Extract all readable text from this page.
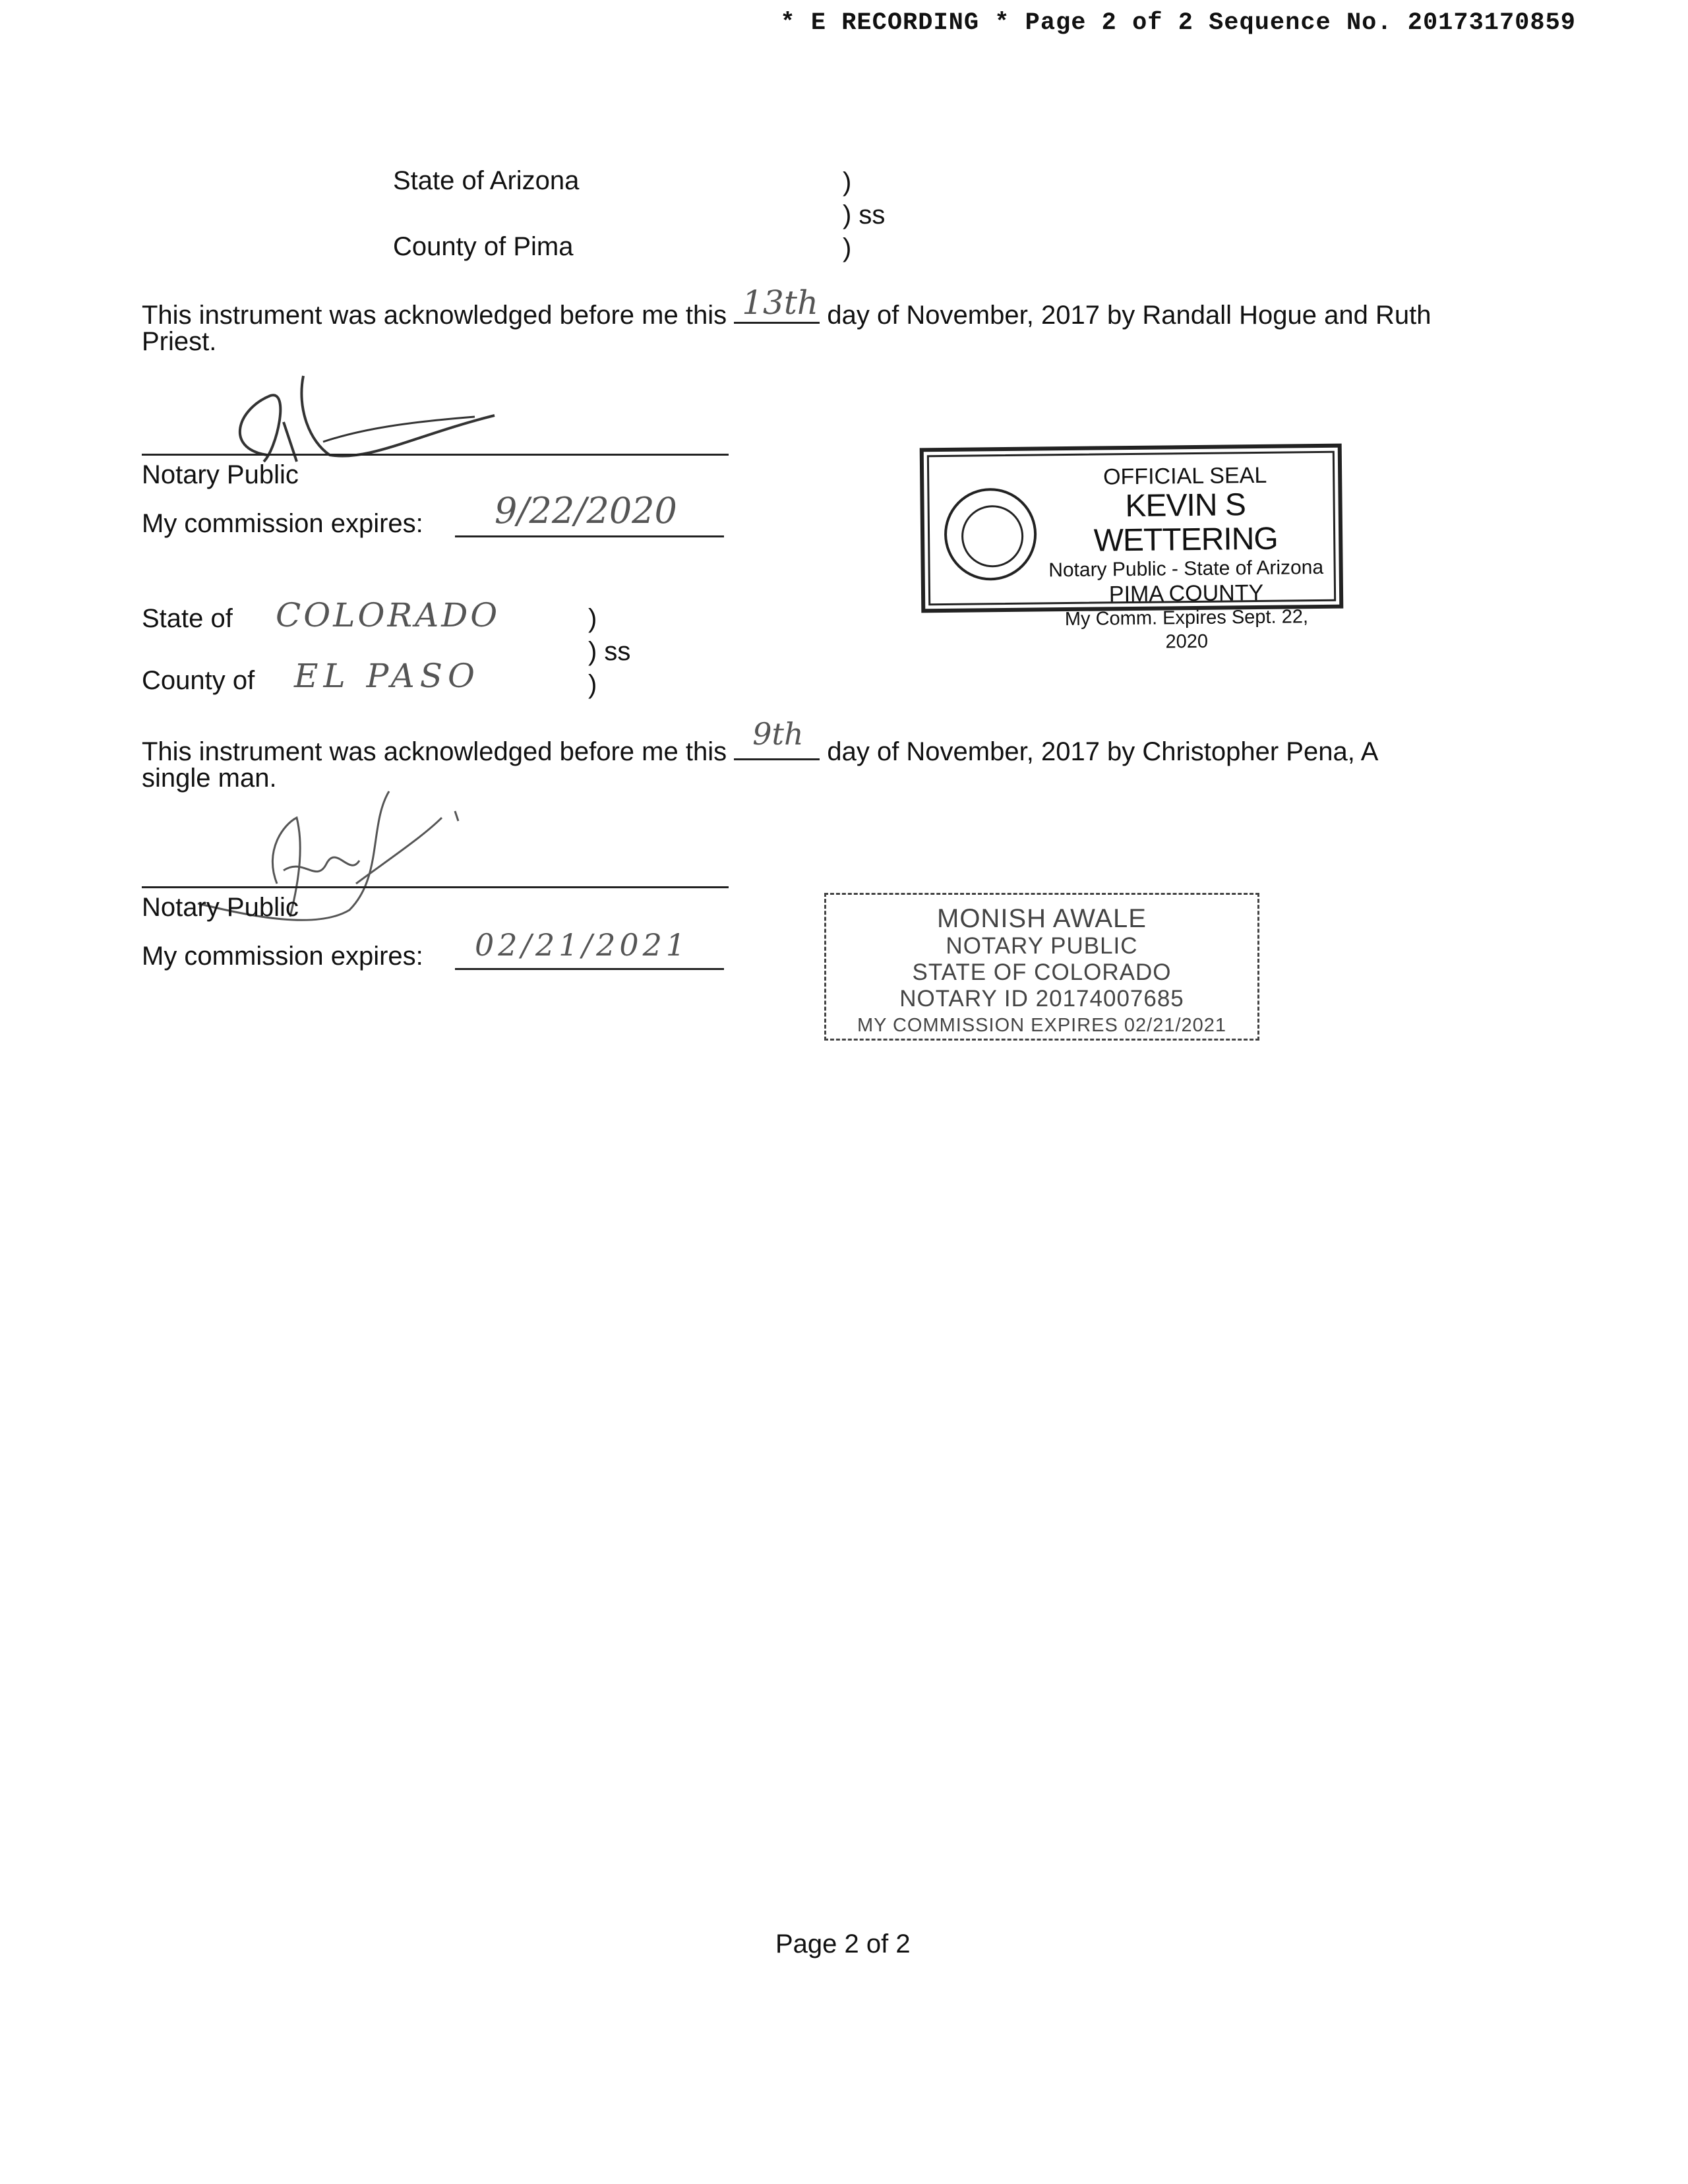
* E RECORDING * Page 2 of 2 Sequence No. 20173170859
State of Arizona
County of Pima
)
) ss
)
This instrument was acknowledged before me this 13th day of November, 2017 by Randall Hogue and Ruth
Priest.
Notary Public
My commission expires: 9/22/2020
OFFICIAL SEAL
KEVIN S WETTERING
Notary Public - State of Arizona
PIMA COUNTY
My Comm. Expires Sept. 22, 2020
State of COLORADO
County of EL PASO
)
) ss
)
This instrument was acknowledged before me this 9th day of November, 2017 by Christopher Pena, A
single man.
Notary Public
My commission expires: 02/21/2021
MONISH AWALE
NOTARY PUBLIC
STATE OF COLORADO
NOTARY ID 20174007685
MY COMMISSION EXPIRES 02/21/2021
Page 2 of 2
